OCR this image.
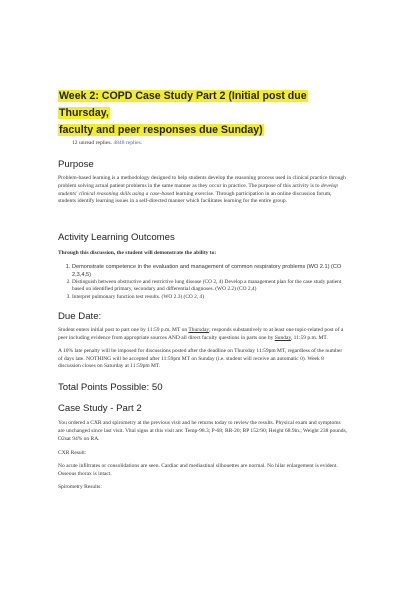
Week 2: COPD Case Study Part 2 (Initial post due Thursday,
faculty and peer responses due Sunday)
12 unread replies. 4848 replies.
Purpose

Problem-based learning is a methodology designed to help students develop the reasoning process used in clinical practice through problem solving actual patient problems in the same manner as they occur in practice. The purpose of this activity is to develop students' clinical reasoning skills using a case-based learning exercise. Through participation in an online discussion forum, students identify learning issues in a self-directed manner which facilitates learning for the entire group.

Activity Learning Outcomes
Through this discussion, the student will demonstrate the ability to:
1. Demonstrate competence in the evaluation and management of common respiratory problems (WO 2.1) (CO 2,3,4,5)
2. Distinguish between obstructive and restrictive lung disease (CO 2, 4) Develop a management plan for the case study patient based on identified primary, secondary and differential diagnoses. (WO 2.2) (CO 2,4)
3. Interpret pulmonary function test results. (WO 2.3) (CO 2, 4)
Due Date:

Student enters initial post to part one by 11:59 p.m. MT on Thursday; responds substantively to at least one topic-related post of a peer including evidence from appropriate sources AND all direct faculty questions in parts one by Sunday, 11:59 p.m. MT.

A 10% late penalty will be imposed for discussions posted after the deadline on Thursday 11:59pm MT, regardless of the number of days late. NOTHING will be accepted after 11:59pm MT on Sunday (i.e. student will receive an automatic 0). Week 8 discussion closes on Saturday at 11:59pm MT.

Total Points Possible: 50
Case Study - Part 2

You ordered a CXR and spirometry at the previous visit and he returns today to review the results. Physical exam and symptoms are unchanged since last visit. Vital signs at this visit are: Temp-98.3; P-68; RR-20; BP 152/90; Height 68.9in.; Weight 238 pounds, O2sat 94% on RA.

CXR Result:

No acute infiltrates or consolidations are seen. Cardiac and mediastinal silhouettes are normal. No hilar enlargement is evident. Osseous thorax is intact.

Spirometry Results:
